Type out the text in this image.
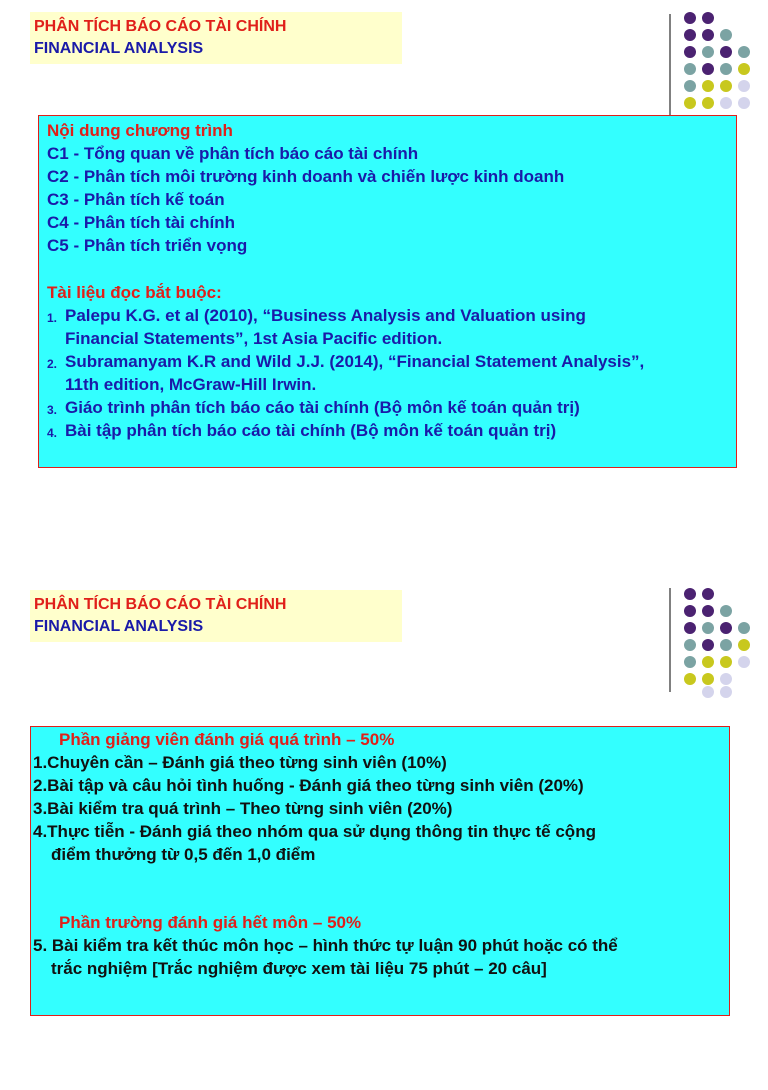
PHÂN TÍCH BÁO CÁO TÀI CHÍNH
FINANCIAL ANALYSIS
Nội dung chương trình
C1 - Tổng quan về phân tích báo cáo tài chính
C2 - Phân tích môi trường kinh doanh và chiến lược kinh doanh
C3 - Phân tích kế toán
C4 - Phân tích tài chính
C5 - Phân tích triển vọng
Tài liệu đọc bắt buộc:
1. Palepu K.G. et al (2010), “Business Analysis and Valuation using
Financial Statements”, 1st Asia Pacific edition.
2. Subramanyam K.R and Wild J.J. (2014), “Financial Statement Analysis”,
11th edition, McGraw-Hill Irwin.
3. Giáo trình phân tích báo cáo tài chính (Bộ môn kế toán quản trị)
4. Bài tập phân tích báo cáo tài chính (Bộ môn kế toán quản trị)
PHÂN TÍCH BÁO CÁO TÀI CHÍNH
FINANCIAL ANALYSIS
Phần giảng viên đánh giá quá trình – 50%
1.Chuyên cần – Đánh giá theo từng sinh viên (10%)
2.Bài tập và câu hỏi tình huống - Đánh giá theo từng sinh viên (20%)
3.Bài kiểm tra quá trình – Theo từng sinh viên (20%)
4.Thực tiễn - Đánh giá theo nhóm qua sử dụng thông tin thực tế cộng
điểm thưởng từ 0,5 đến 1,0 điểm
Phần trường đánh giá hết môn – 50%
5. Bài kiểm tra kết thúc môn học – hình thức tự luận 90 phút hoặc có thể
trắc nghiệm [Trắc nghiệm được xem tài liệu 75 phút – 20 câu]
